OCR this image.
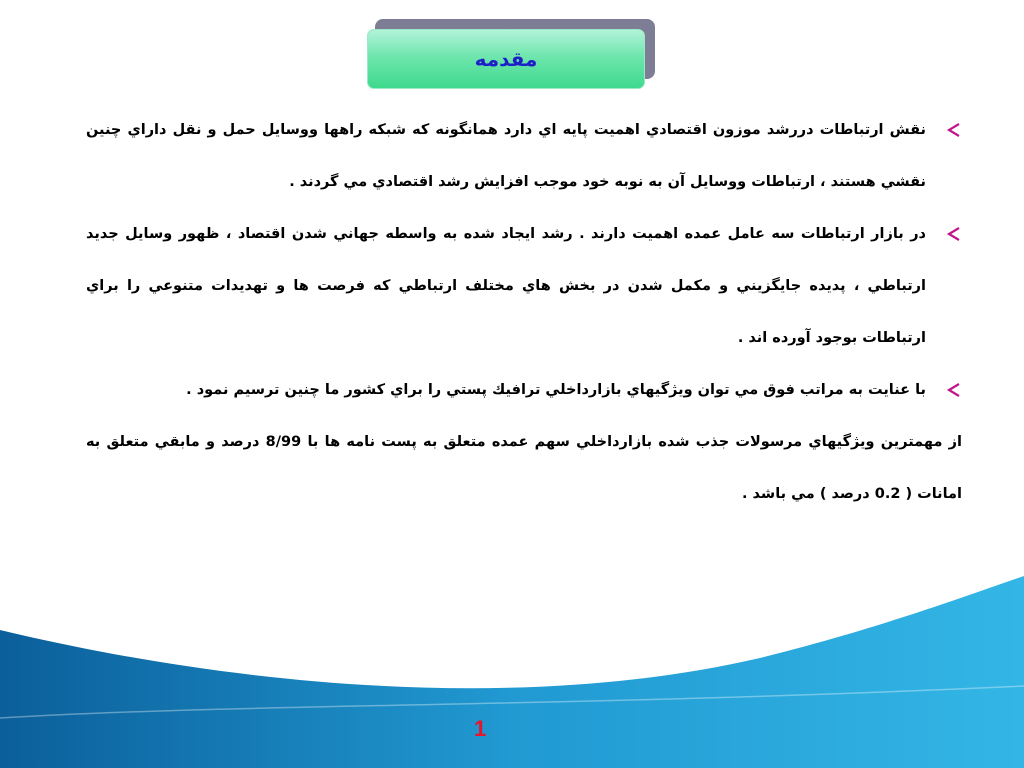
مقدمه

نقش ارتباطات دررشد موزون اقتصادي اهميت پايه اي دارد همانگونه كه شبكه راهها ووسايل حمل و نقل داراي چنين نقشي هستند ، ارتباطات ووسايل آن به نوبه خود موجب افزايش رشد اقتصادي مي گردند .

در بازار ارتباطات سه عامل عمده اهميت دارند . رشد ايجاد شده به واسطه جهاني شدن اقتصاد ، ظهور وسايل جديد ارتباطي ، پديده جايگزيني و مكمل شدن در بخش هاي مختلف ارتباطي كه فرصت ها و تهديدات متنوعي را براي ارتباطات بوجود آورده اند .

با عنايت به مراتب فوق مي توان ويژگيهاي بازارداخلي ترافيك پستي را براي كشور ما چنين ترسيم نمود .

از مهمترين ويژگيهاي مرسولات جذب شده بازارداخلي سهم عمده متعلق به پست نامه ها با 8/99 درصد و مابقي متعلق به امانات ( 0.2 درصد ) مي باشد .

1
